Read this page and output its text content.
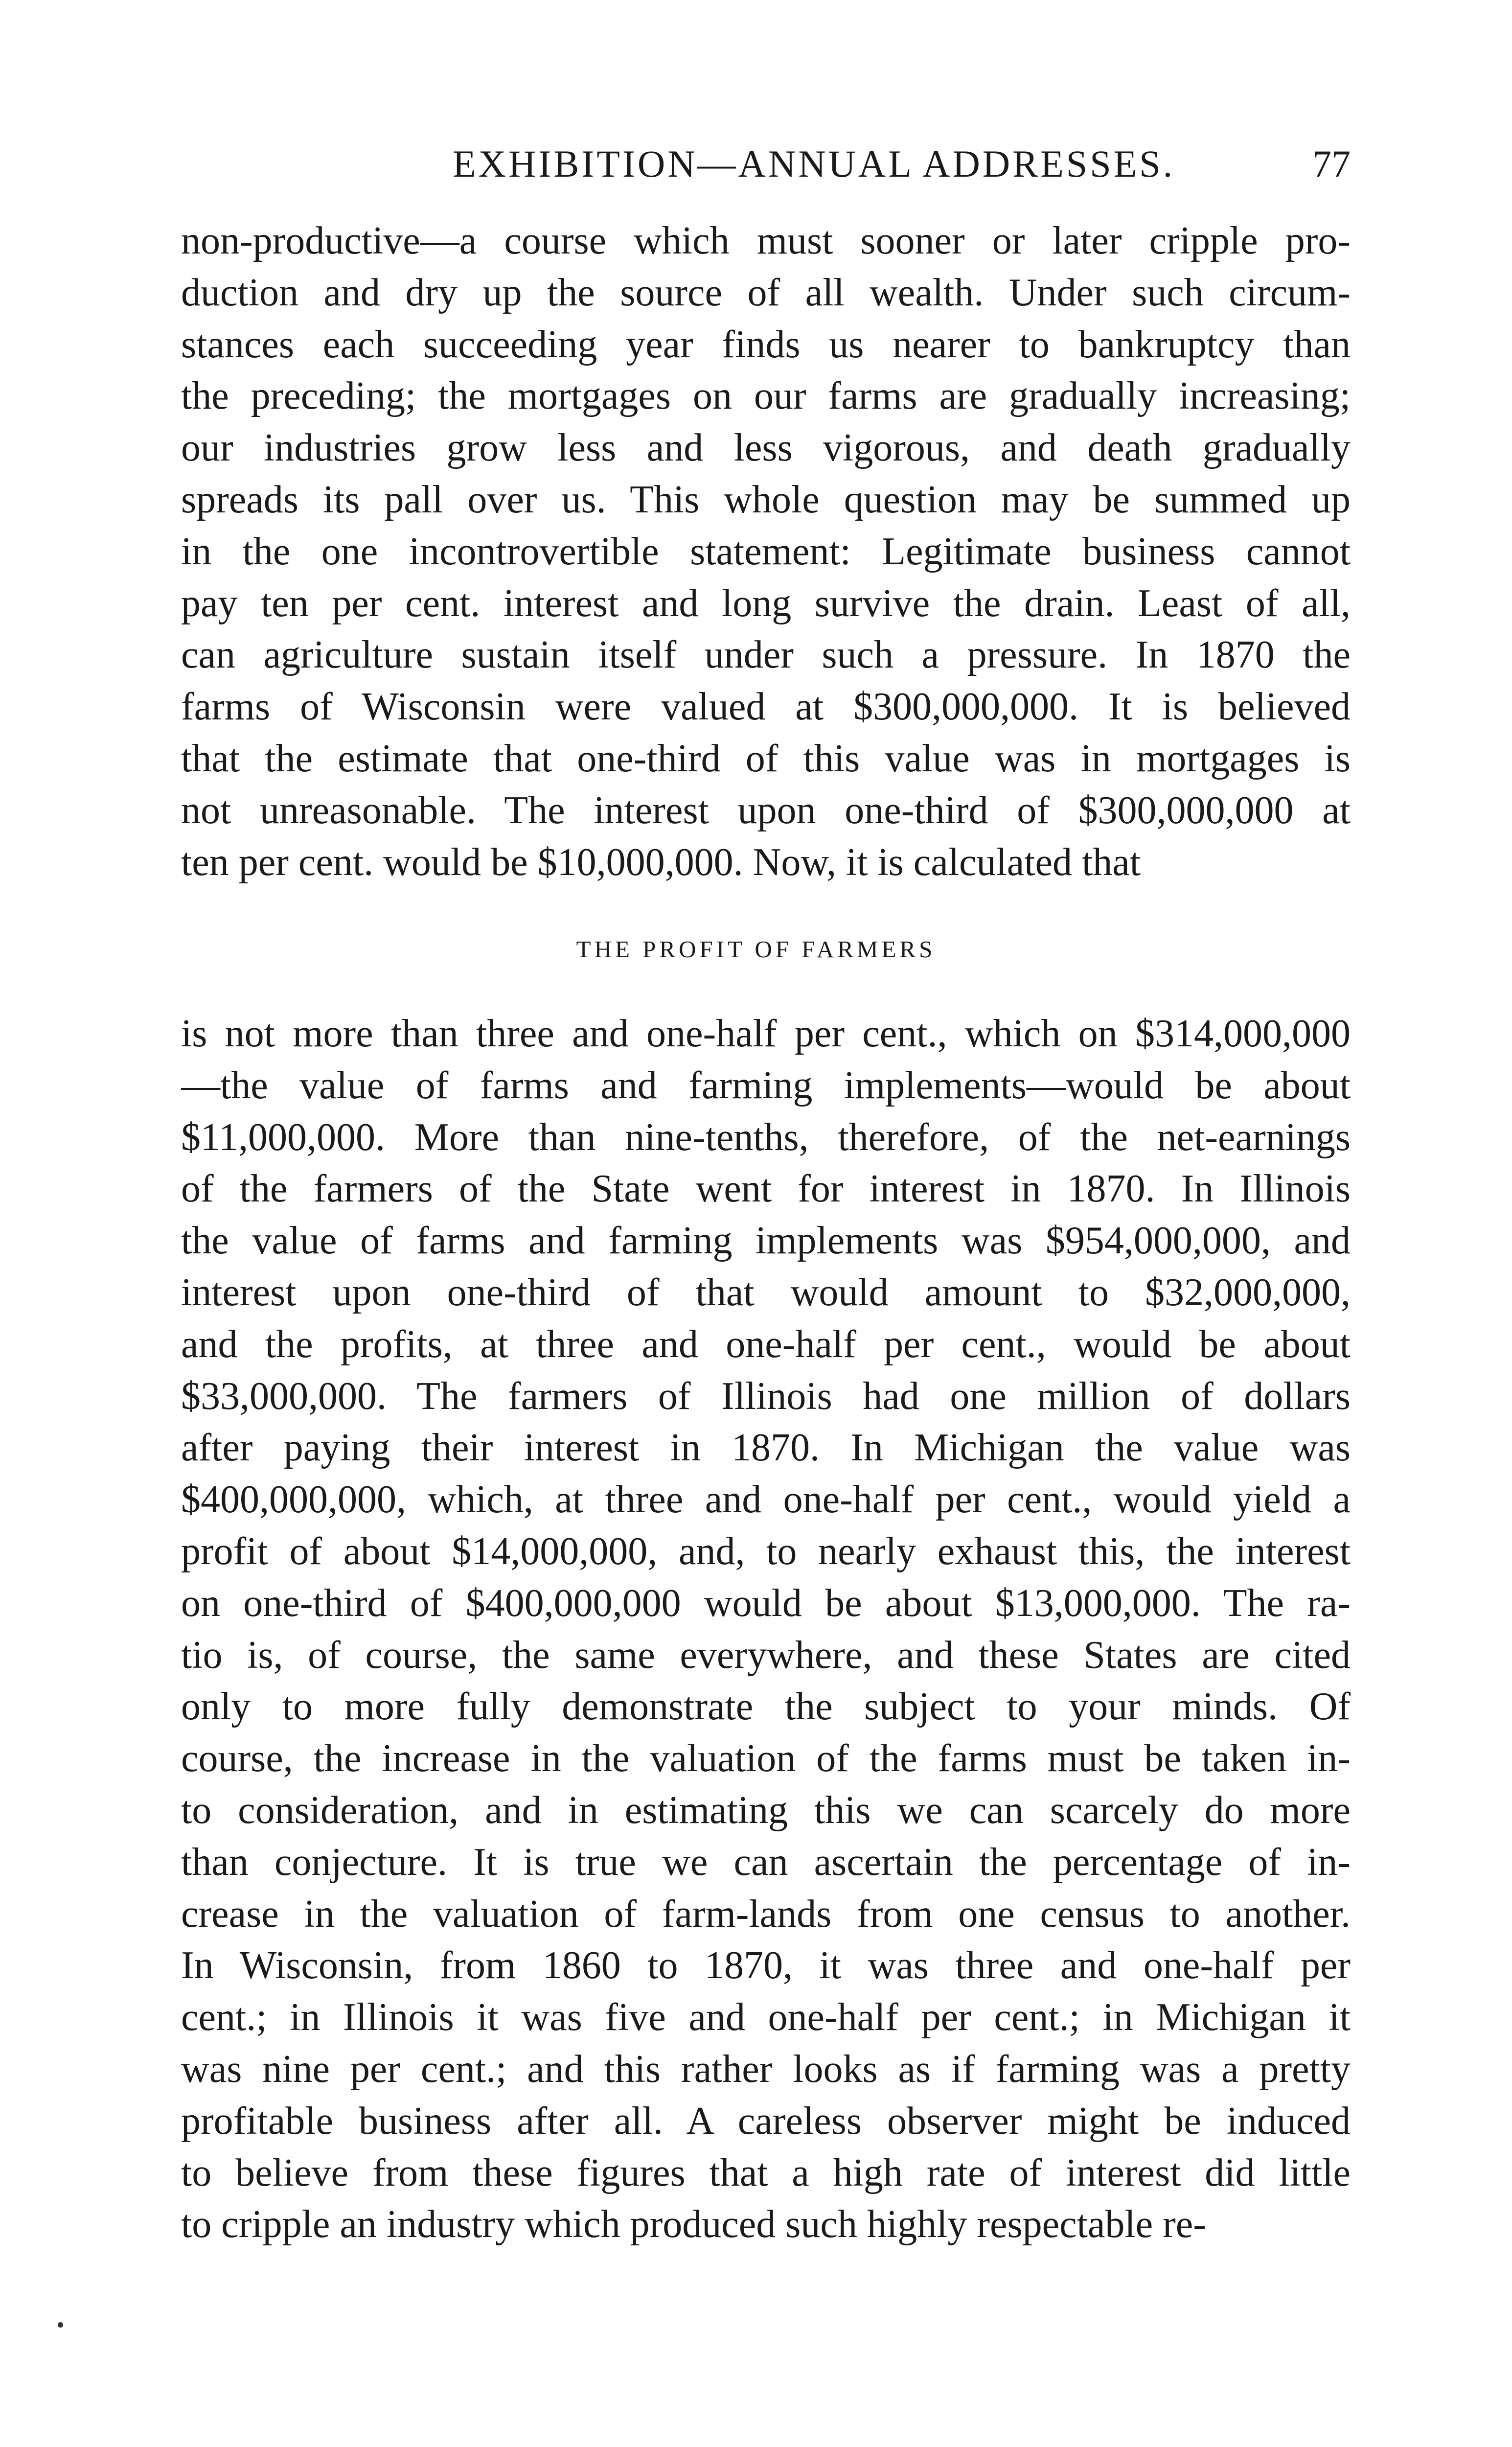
EXHIBITION—ANNUAL ADDRESSES.	77
non-productive—a course which must sooner or later cripple pro-
duction and dry up the source of all wealth. Under such circum-
stances each succeeding year finds us nearer to bankruptcy than
the preceding; the mortgages on our farms are gradually increasing;
our industries grow less and less vigorous, and death gradually
spreads its pall over us. This whole question may be summed up
in the one incontrovertible statement: Legitimate business cannot
pay ten per cent. interest and long survive the drain. Least of all,
can agriculture sustain itself under such a pressure. In 1870 the
farms of Wisconsin were valued at $300,000,000. It is believed
that the estimate that one-third of this value was in mortgages is
not unreasonable. The interest upon one-third of $300,000,000 at
ten per cent. would be $10,000,000. Now, it is calculated that
THE PROFIT OF FARMERS
is not more than three and one-half per cent., which on $314,000,000
—the value of farms and farming implements—would be about
$11,000,000. More than nine-tenths, therefore, of the net-earnings
of the farmers of the State went for interest in 1870. In Illinois
the value of farms and farming implements was $954,000,000, and
interest upon one-third of that would amount to $32,000,000,
and the profits, at three and one-half per cent., would be about
$33,000,000. The farmers of Illinois had one million of dollars
after paying their interest in 1870. In Michigan the value was
$400,000,000, which, at three and one-half per cent., would yield a
profit of about $14,000,000, and, to nearly exhaust this, the interest
on one-third of $400,000,000 would be about $13,000,000. The ra-
tio is, of course, the same everywhere, and these States are cited
only to more fully demonstrate the subject to your minds. Of
course, the increase in the valuation of the farms must be taken in-
to consideration, and in estimating this we can scarcely do more
than conjecture. It is true we can ascertain the percentage of in-
crease in the valuation of farm-lands from one census to another.
In Wisconsin, from 1860 to 1870, it was three and one-half per
cent.; in Illinois it was five and one-half per cent.; in Michigan it
was nine per cent.; and this rather looks as if farming was a pretty
profitable business after all. A careless observer might be induced
to believe from these figures that a high rate of interest did little
to cripple an industry which produced such highly respectable re-
